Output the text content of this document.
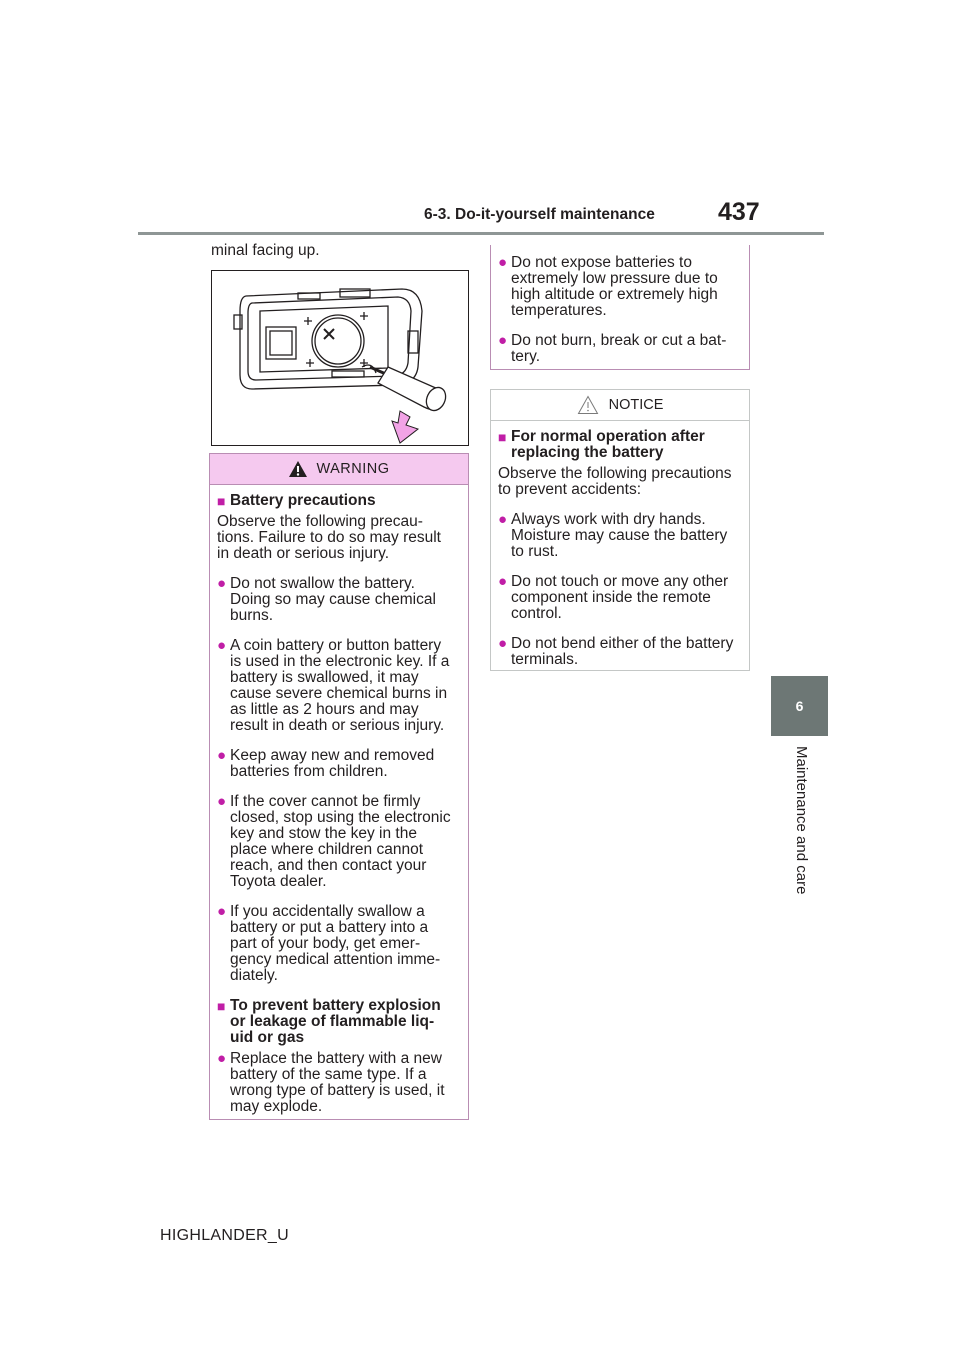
6-3. Do-it-yourself maintenance	437
6
Maintenance and care
minal facing up.
WARNING
■ Battery precautions
Observe the following precau-
tions. Failure to do so may result
in death or serious injury.
● Do not swallow the battery.
Doing so may cause chemical
burns.
● A coin battery or button battery
is used in the electronic key. If a
battery is swallowed, it may
cause severe chemical burns in
as little as 2 hours and may
result in death or serious injury.
● Keep away new and removed
batteries from children.
● If the cover cannot be firmly
closed, stop using the electronic
key and stow the key in the
place where children cannot
reach, and then contact your
Toyota dealer.
● If you accidentally swallow a
battery or put a battery into a
part of your body, get emer-
gency medical attention imme-
diately.
■ To prevent battery explosion
or leakage of flammable liq-
uid or gas
● Replace the battery with a new
battery of the same type. If a
wrong type of battery is used, it
may explode.
● Do not expose batteries to
extremely low pressure due to
high altitude or extremely high
temperatures.
● Do not burn, break or cut a bat-
tery.
NOTICE
■ For normal operation after
replacing the battery
Observe the following precautions
to prevent accidents:
● Always work with dry hands.
Moisture may cause the battery
to rust.
● Do not touch or move any other
component inside the remote
control.
● Do not bend either of the battery
terminals.
HIGHLANDER_U
